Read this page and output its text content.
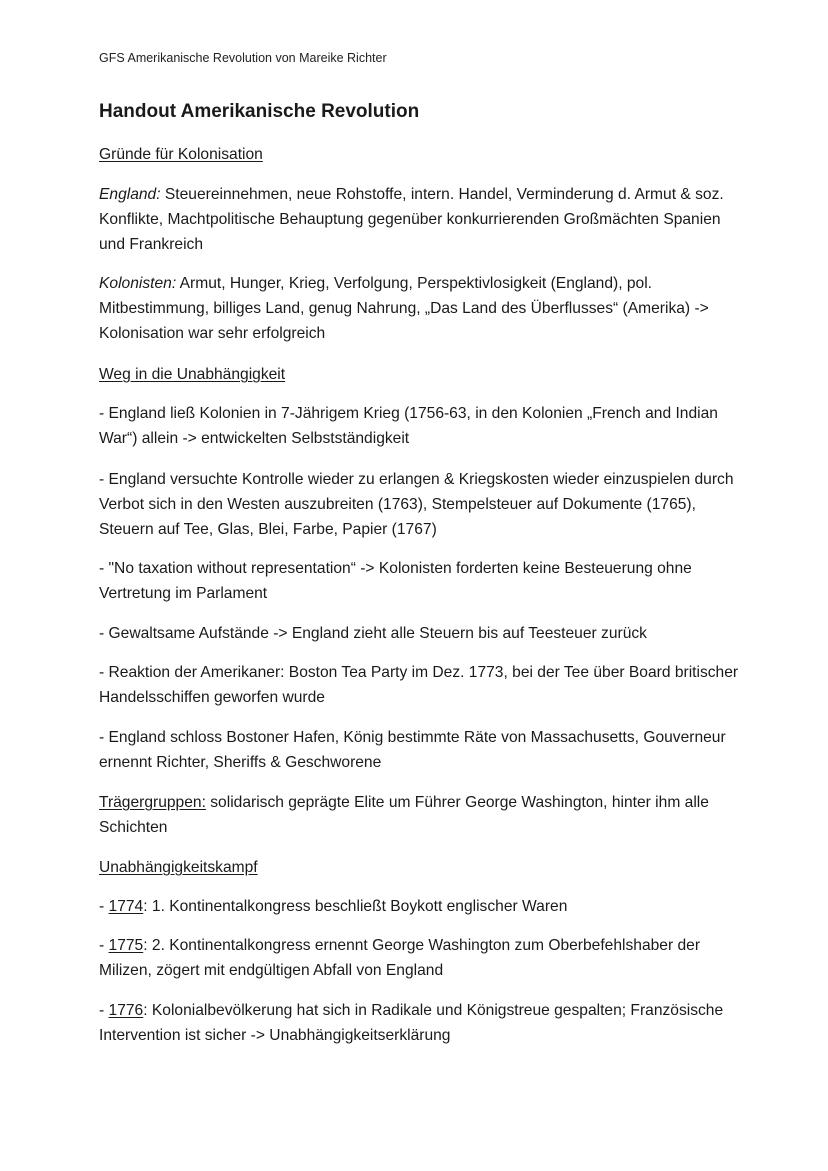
GFS Amerikanische Revolution von Mareike Richter
Handout Amerikanische Revolution

Gründe für Kolonisation

England: Steuereinnehmen, neue Rohstoffe, intern. Handel, Verminderung d. Armut & soz. Konflikte, Machtpolitische Behauptung gegenüber konkurrierenden Großmächten Spanien und Frankreich

Kolonisten: Armut, Hunger, Krieg, Verfolgung, Perspektivlosigkeit (England), pol. Mitbestimmung, billiges Land, genug Nahrung, „Das Land des Überflusses“ (Amerika) -> Kolonisation war sehr erfolgreich

Weg in die Unabhängigkeit

- England ließ Kolonien in 7-Jährigem Krieg (1756-63, in den Kolonien „French and Indian War“) allein -> entwickelten Selbstständigkeit

- England versuchte Kontrolle wieder zu erlangen & Kriegskosten wieder einzuspielen durch Verbot sich in den Westen auszubreiten (1763), Stempelsteuer auf Dokumente (1765), Steuern auf Tee, Glas, Blei, Farbe, Papier (1767)

- "No taxation without representation“ -> Kolonisten forderten keine Besteuerung ohne Vertretung im Parlament

- Gewaltsame Aufstände -> England zieht alle Steuern bis auf Teesteuer zurück

- Reaktion der Amerikaner: Boston Tea Party im Dez. 1773, bei der Tee über Board britischer Handelsschiffen geworfen wurde

- England schloss Bostoner Hafen, König bestimmte Räte von Massachusetts, Gouverneur ernennt Richter, Sheriffs & Geschworene

Trägergruppen: solidarisch geprägte Elite um Führer George Washington, hinter ihm alle Schichten

Unabhängigkeitskampf

- 1774: 1. Kontinentalkongress beschließt Boykott englischer Waren

- 1775: 2. Kontinentalkongress ernennt George Washington zum Oberbefehlshaber der Milizen, zögert mit endgültigen Abfall von England

- 1776: Kolonialbevölkerung hat sich in Radikale und Königstreue gespalten; Französische Intervention ist sicher -> Unabhängigkeitserklärung
